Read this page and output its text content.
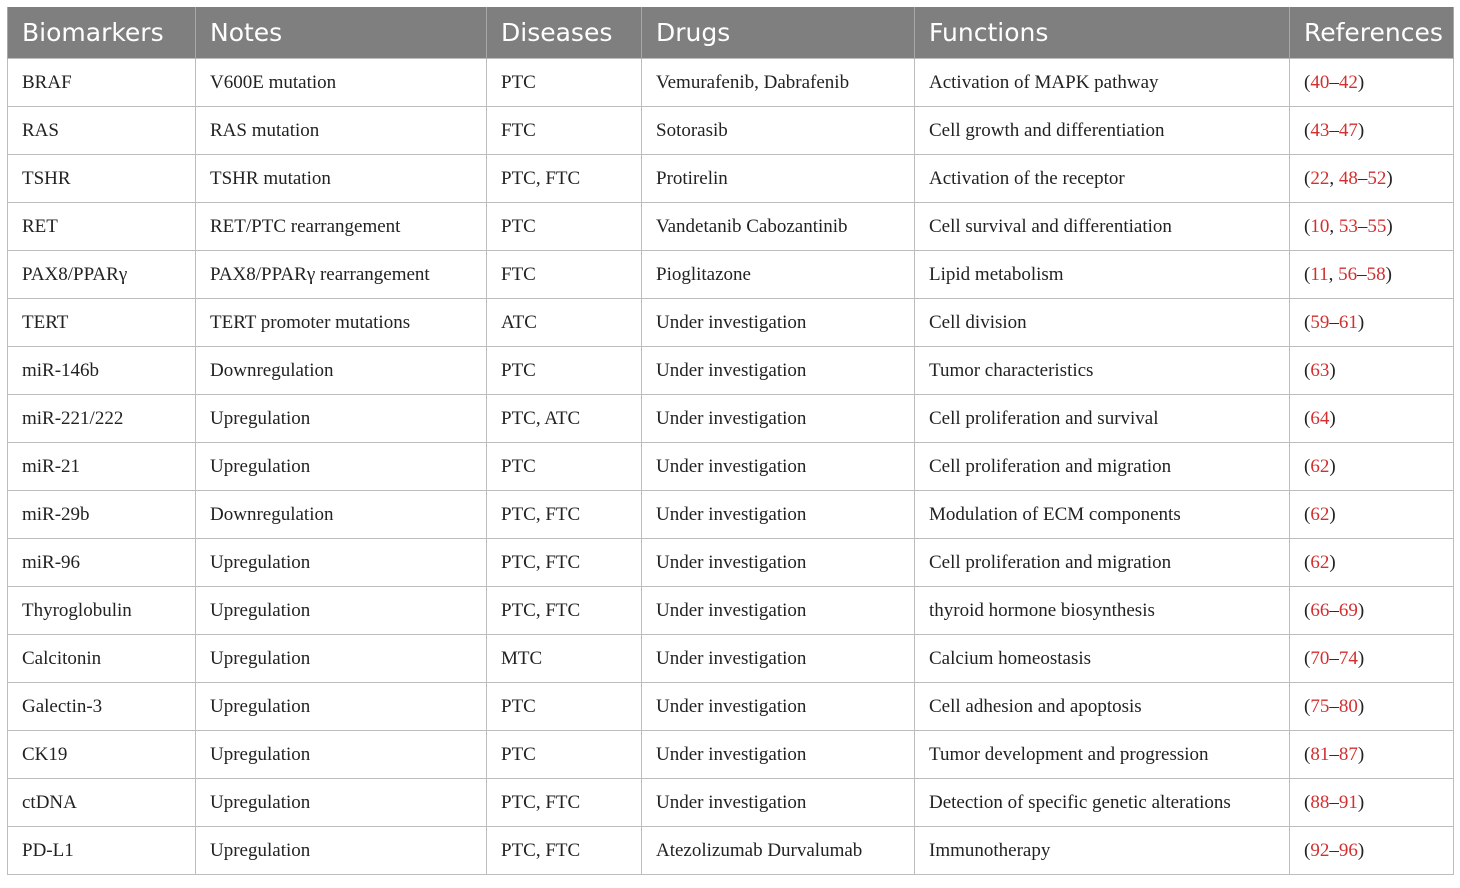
Biomarkers	Notes	Diseases	Drugs	Functions	References
BRAF	V600E mutation	PTC	Vemurafenib, Dabrafenib	Activation of MAPK pathway	(40–42)
RAS	RAS mutation	FTC	Sotorasib	Cell growth and differentiation	(43–47)
TSHR	TSHR mutation	PTC, FTC	Protirelin	Activation of the receptor	(22, 48–52)
RET	RET/PTC rearrangement	PTC	Vandetanib Cabozantinib	Cell survival and differentiation	(10, 53–55)
PAX8/PPARγ	PAX8/PPARγ rearrangement	FTC	Pioglitazone	Lipid metabolism	(11, 56–58)
TERT	TERT promoter mutations	ATC	Under investigation	Cell division	(59–61)
miR-146b	Downregulation	PTC	Under investigation	Tumor characteristics	(63)
miR-221/222	Upregulation	PTC, ATC	Under investigation	Cell proliferation and survival	(64)
miR-21	Upregulation	PTC	Under investigation	Cell proliferation and migration	(62)
miR-29b	Downregulation	PTC, FTC	Under investigation	Modulation of ECM components	(62)
miR-96	Upregulation	PTC, FTC	Under investigation	Cell proliferation and migration	(62)
Thyroglobulin	Upregulation	PTC, FTC	Under investigation	thyroid hormone biosynthesis	(66–69)
Calcitonin	Upregulation	MTC	Under investigation	Calcium homeostasis	(70–74)
Galectin-3	Upregulation	PTC	Under investigation	Cell adhesion and apoptosis	(75–80)
CK19	Upregulation	PTC	Under investigation	Tumor development and progression	(81–87)
ctDNA	Upregulation	PTC, FTC	Under investigation	Detection of specific genetic alterations	(88–91)
PD-L1	Upregulation	PTC, FTC	Atezolizumab Durvalumab	Immunotherapy	(92–96)
